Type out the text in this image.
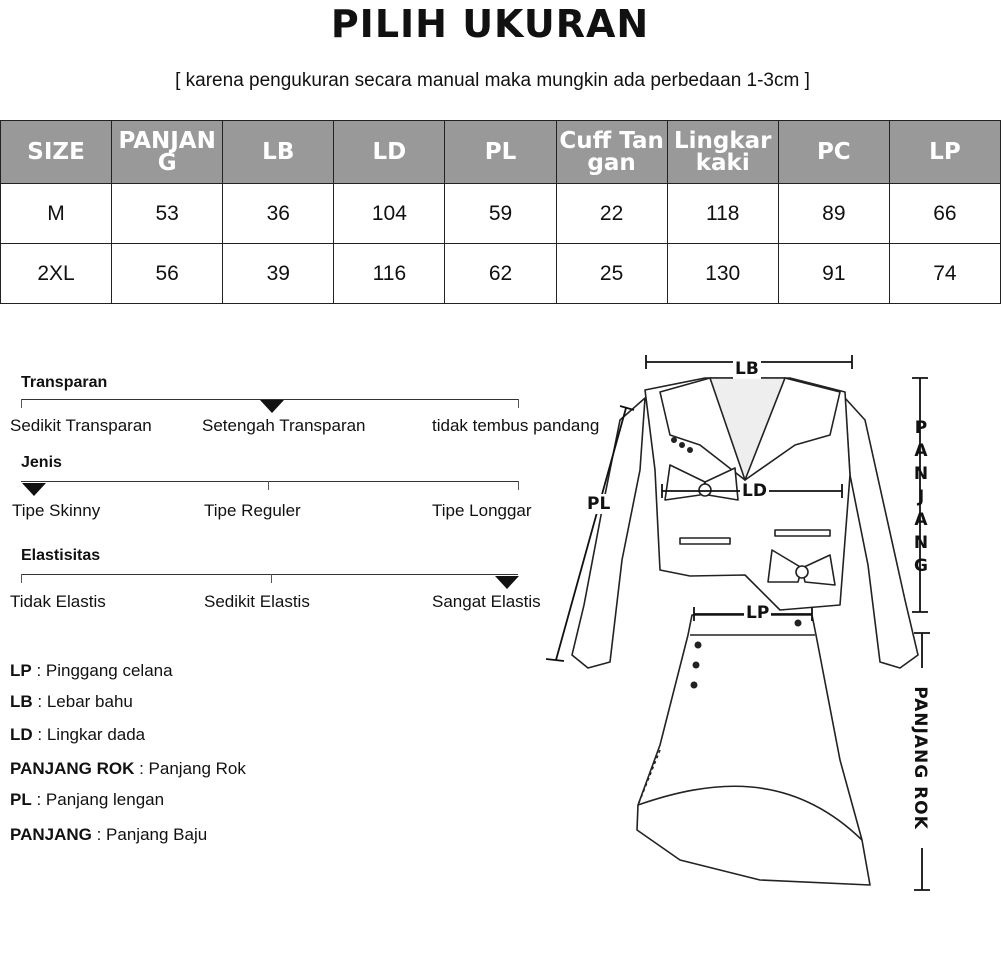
PILIH UKURAN
[ karena pengukuran secara manual maka mungkin ada perbedaan 1-3cm ]
SIZE	PANJANG	LB	LD	PL	Cuff Tangan	Lingkar kaki	PC	LP
M	53	36	104	59	22	118	89	66
2XL	56	39	116	62	25	130	91	74
Transparan
Sedikit Transparan	Setengah Transparan	tidak tembus pandang
Jenis
Tipe Skinny	Tipe Reguler	Tipe Longgar
Elastisitas
Tidak Elastis	Sedikit Elastis	Sangat Elastis
LP : Pinggang celana
LB : Lebar bahu
LD : Lingkar dada
PANJANG ROK : Panjang Rok
PL : Panjang lengan
PANJANG : Panjang Baju
LB
LD
PL
LP
P
A
N
J
A
N
G
PANJANG ROK
